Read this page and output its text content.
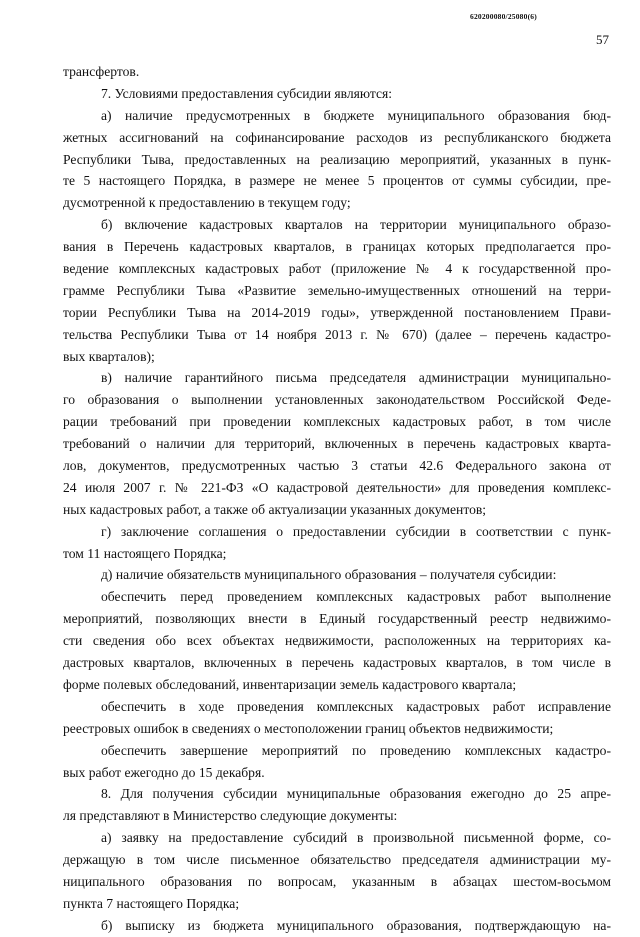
620200080/25080(6)
57
трансфертов.
7. Условиями предоставления субсидии являются:
а) наличие предусмотренных в бюджете муниципального образования бюд-
жетных ассигнований на софинансирование расходов из республиканского бюджета
Республики Тыва, предоставленных на реализацию мероприятий, указанных в пунк-
те 5 настоящего Порядка, в размере не менее 5 процентов от суммы субсидии, пре-
дусмотренной к предоставлению в текущем году;
б) включение кадастровых кварталов на территории муниципального образо-
вания в Перечень кадастровых кварталов, в границах которых предполагается про-
ведение комплексных кадастровых работ (приложение № 4 к государственной про-
грамме Республики Тыва «Развитие земельно-имущественных отношений на терри-
тории Республики Тыва на 2014-2019 годы», утвержденной постановлением Прави-
тельства Республики Тыва от 14 ноября 2013 г. № 670) (далее – перечень кадастро-
вых кварталов);
в) наличие гарантийного письма председателя администрации муниципально-
го образования о выполнении установленных законодательством Российской Феде-
рации требований при проведении комплексных кадастровых работ, в том числе
требований о наличии для территорий, включенных в перечень кадастровых кварта-
лов, документов, предусмотренных частью 3 статьи 42.6 Федерального закона от
24 июля 2007 г. № 221-ФЗ «О кадастровой деятельности» для проведения комплекс-
ных кадастровых работ, а также об актуализации указанных документов;
г) заключение соглашения о предоставлении субсидии в соответствии с пунк-
том 11 настоящего Порядка;
д) наличие обязательств муниципального образования – получателя субсидии:
обеспечить перед проведением комплексных кадастровых работ выполнение
мероприятий, позволяющих внести в Единый государственный реестр недвижимо-
сти сведения обо всех объектах недвижимости, расположенных на территориях ка-
дастровых кварталов, включенных в перечень кадастровых кварталов, в том числе в
форме полевых обследований, инвентаризации земель кадастрового квартала;
обеспечить в ходе проведения комплексных кадастровых работ исправление
реестровых ошибок в сведениях о местоположении границ объектов недвижимости;
обеспечить завершение мероприятий по проведению комплексных кадастро-
вых работ ежегодно до 15 декабря.
8. Для получения субсидии муниципальные образования ежегодно до 25 апре-
ля представляют в Министерство следующие документы:
а) заявку на предоставление субсидий в произвольной письменной форме, со-
держащую в том числе письменное обязательство председателя администрации му-
ниципального образования по вопросам, указанным в абзацах шестом-восьмом
пункта 7 настоящего Порядка;
б) выписку из бюджета муниципального образования, подтверждающую на-
